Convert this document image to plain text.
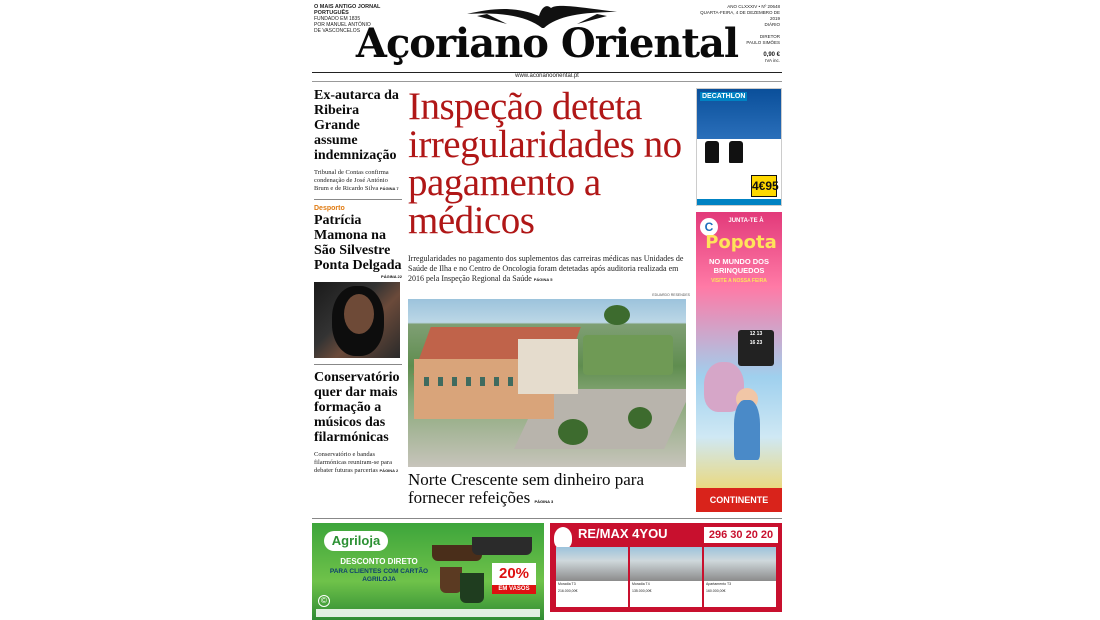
O MAIS ANTIGO JORNAL PORTUGUÊS
FUNDADO EM 1835
POR MANUEL ANTÓNIO
DE VASCONCELOS
Açoriano Oriental
ANO CLXXXIV • Nº 20648
QUARTA-FEIRA, 4 DE DEZEMBRO DE 2019
DIÁRIO
DIRETOR
PAULO SIMÕES
0,90 €
IVA inc.
www.acorianooriental.pt
Ex-autarca da Ribeira Grande assume indemnização
Tribunal de Contas confirma condenação de José António Brum e de Ricardo Silva PÁGINA 7
Desporto
Patrícia Mamona na São Silvestre Ponta Delgada
PÁGINA 22
Conservatório quer dar mais formação a músicos das filarmónicas
Conservatório e bandas filarmónicas reuniram-se para debater futuras parcerias PÁGINA 2
Inspeção deteta irregularidades no pagamento a médicos
Irregularidades no pagamento dos suplementos das carreiras médicas nas Unidades de Saúde de Ilha e no Centro de Oncologia foram detetadas após auditoria realizada em 2016 pela Inspeção Regional da Saúde PÁGINA 5
EDUARDO RESENDES
Norte Crescente sem dinheiro para fornecer refeições PÁGINA 3
DECATHLON
4€95
C	JUNTA-TE À
Popota
NO MUNDO DOS BRINQUEDOS
VISITE A NOSSA FEIRA
12 13
16 23
CONTINENTE
Agriloja
DESCONTO DIRETO
PARA CLIENTES COM CARTÃO AGRILOJA
©
20%
EM VASOS
RE/MAX 4YOU	296 30 20 20
Moradia T3
216.000,00€
Moradia T4
135.000,00€
Apartamento T3
160.000,00€
